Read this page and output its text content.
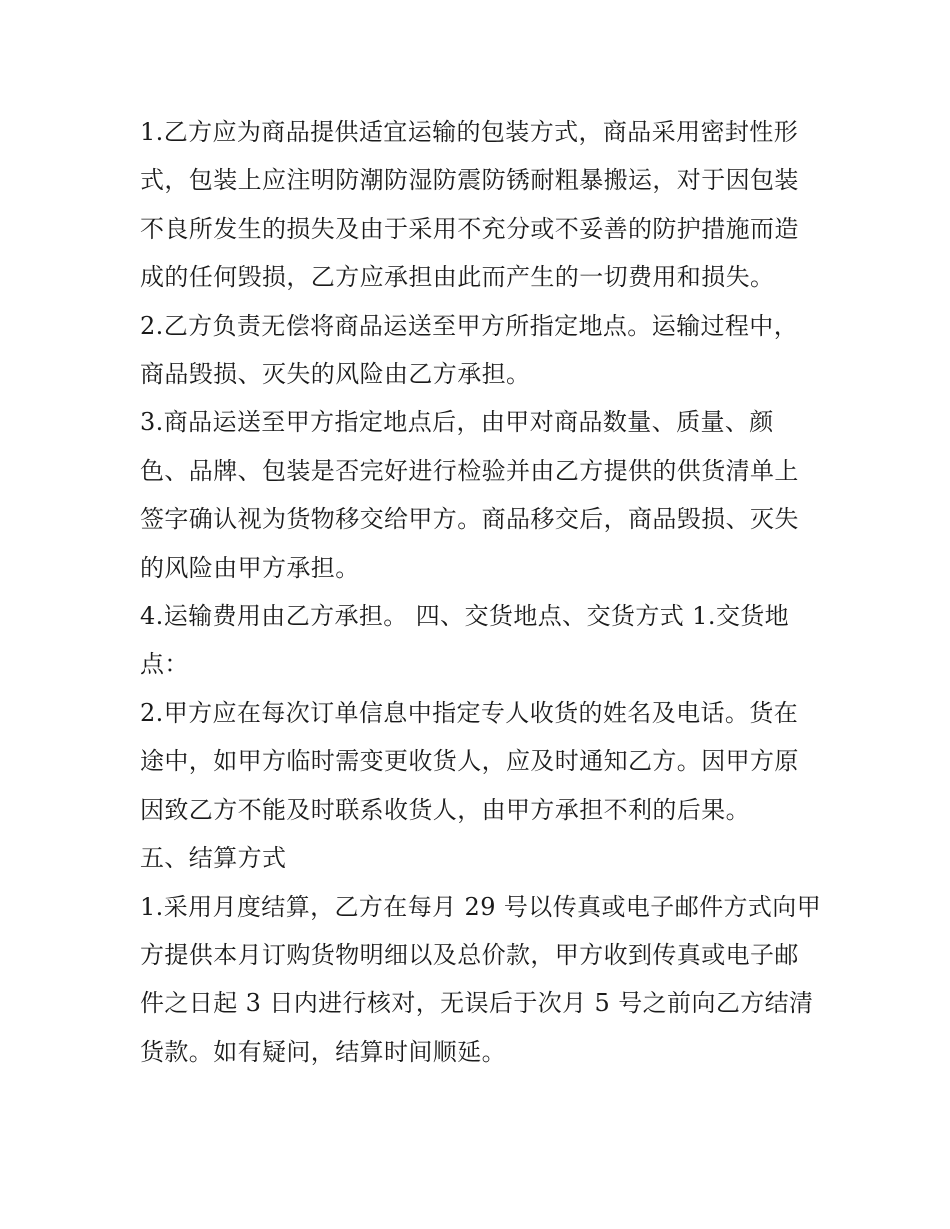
1.乙方应为商品提供适宜运输的包装方式，商品采用密封性形
式，包装上应注明防潮防湿防震防锈耐粗暴搬运，对于因包装
不良所发生的损失及由于采用不充分或不妥善的防护措施而造
成的任何毁损，乙方应承担由此而产生的一切费用和损失。
2.乙方负责无偿将商品运送至甲方所指定地点。运输过程中，
商品毁损、灭失的风险由乙方承担。
3.商品运送至甲方指定地点后，由甲对商品数量、质量、颜
色、品牌、包装是否完好进行检验并由乙方提供的供货清单上
签字确认视为货物移交给甲方。商品移交后，商品毁损、灭失
的风险由甲方承担。
4.运输费用由乙方承担。 四、交货地点、交货方式 1.交货地
点：
2.甲方应在每次订单信息中指定专人收货的姓名及电话。货在
途中，如甲方临时需变更收货人，应及时通知乙方。因甲方原
因致乙方不能及时联系收货人，由甲方承担不利的后果。
五、结算方式
1.采用月度结算，乙方在每月 29 号以传真或电子邮件方式向甲
方提供本月订购货物明细以及总价款，甲方收到传真或电子邮
件之日起 3 日内进行核对，无误后于次月 5 号之前向乙方结清
货款。如有疑问，结算时间顺延。
